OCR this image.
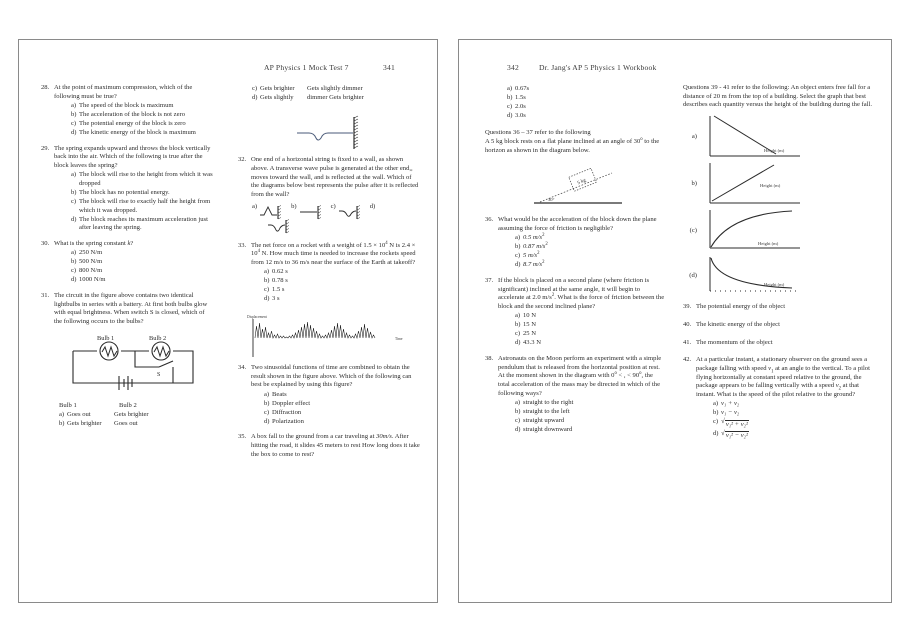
AP Physics 1 Mock Test 7	341
28. At the point of maximum compression, which of the following must be true?
a) The speed of the block is maximum
b) The acceleration of the block is not zero
c) The potential energy of the block is zero
d) The kinetic energy of the block is maximum
29. The spring expands upward and throws the block vertically back into the air. Which of the following is true after the block leaves the spring?
a) The block will rise to the height from which it was dropped
b) The block has no potential energy.
c) The block will rise to exactly half the height from which it was dropped.
d) The block reaches its maximum acceleration just after leaving the spring.
30. What is the spring constant k?
a) 250 N/m
b) 500 N/m
c) 800 N/m
d) 1000 N/m
31. The circuit in the figure above contains two identical lightbulbs in series with a battery. At first both bulbs glow with equal brightness. When switch S is closed, which of the following occurs to the bulbs?
Bulb 1	Bulb 2
S
Bulb 1	Bulb 2
a) Goes out	Gets brighter
b) Gets brighter	Goes out
c) Gets brighter	Gets slightly dimmer
d) Gets slightly	dimmer Gets brighter
32. One end of a horizontal string is fixed to a wall, as shown above. A transverse wave pulse is generated at the other end,, moves toward the wall, and is reflected at the wall. Which of the diagrams below best represents the pulse after it is reflected from the wall?
a)	b)	c)	d)
33. The net force on a rocket with a weight of $1.5 \times 10^4$ N is $2.4 \times 10^4$ N. How much time is needed to increase the rockets speed from 12 m/s to 36 m/s near the surface of the Earth at takeoff?
a) 0.62 s
b) 0.78 s
c) 1.5 s
d) 3 s
Displacement
Time
34. Two sinusoidal functions of time are combined to obtain the result shown in the figure above. Which of the following can best be explained by using this figure?
a) Beats
b) Doppler effect
c) Diffraction
d) Polarization
35. A box fall to the ground from a car traveling at 30m/s. After hitting the road, it slides 45 meters to rest How long does it take the box to come to rest?
342	Dr. Jang's AP 5 Physics 1 Workbook
a) 0.67s
b) 1.5s
c) 2.0s
d) 3.0s
Questions 36 – 37 refer to the following
A 5 kg block rests on a flat plane inclined at an angle of 30$^o$ to the horizon as shown in the diagram below.
5 kg
30°
36. What would be the acceleration of the block down the plane assuming the force of friction is negligible?
a) 0.5 $m/s^2$
b) 0.87 $m/s^2$
c) 5 $m/s^2$
d) 8.7 $m/s^2$
37. If the block is placed on a second plane (where friction is significant) inclined at the same angle, it will begin to accelerate at 2.0 $m/s^2$. What is the force of friction between the block and the second inclined plane?
a) 10 N
b) 15 N
c) 25 N
d) 43.3 N
38. Astronauts on the Moon perform an experiment with a simple pendulum that is released from the horizontal position at rest. At the moment shown in the diagram with $0^o$ < , < $90^o$, the total acceleration of the mass may be directed in which of the following ways?
a) straight to the right
b) straight to the left
c) straight upward
d) straight downward
Questions 39 - 41 refer to the following: An object enters free fall for a distance of 20 m from the top of a building. Select the graph that best describes each quantity versus the height of the building during the fall.
a)
Height (m)
b)	Height (m)
(c)
Height (m)
(d)
Height (m)
39. The potential energy of the object
40. The kinetic energy of the object
41. The momentum of the object
42. At a particular instant, a stationary observer on the ground sees a package falling with speed $v_1$ at an angle to the vertical. To a pilot flying horizontally at constant speed relative to the ground, the package appears to be falling vertically with a speed $v_2$ at that instant. What is the speed of the pilot relative to the ground?
a) v₁ + v₂
b) v₁ − v₂
c) √ v₁² + v₂²
d) √ v₁² − v₂²
